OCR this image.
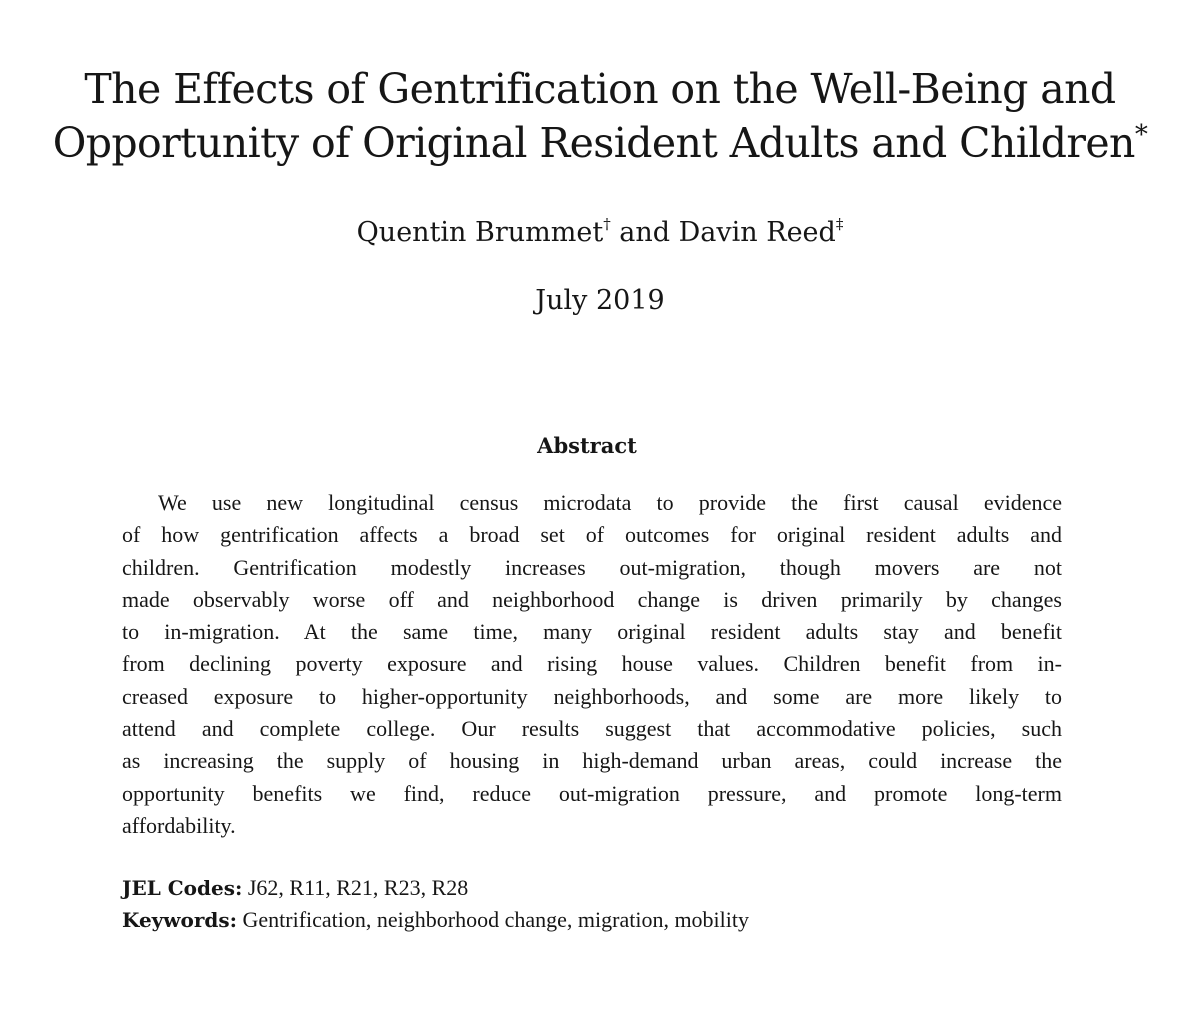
The Effects of Gentrification on the Well-Being and
Opportunity of Original Resident Adults and Children*
Quentin Brummet† and Davin Reed‡
July 2019
Abstract
We use new longitudinal census microdata to provide the first causal evidence
of how gentrification affects a broad set of outcomes for original resident adults and
children. Gentrification modestly increases out-migration, though movers are not
made observably worse off and neighborhood change is driven primarily by changes
to in-migration. At the same time, many original resident adults stay and benefit
from declining poverty exposure and rising house values. Children benefit from in-
creased exposure to higher-opportunity neighborhoods, and some are more likely to
attend and complete college. Our results suggest that accommodative policies, such
as increasing the supply of housing in high-demand urban areas, could increase the
opportunity benefits we find, reduce out-migration pressure, and promote long-term
affordability.
JEL Codes: J62, R11, R21, R23, R28
Keywords: Gentrification, neighborhood change, migration, mobility
